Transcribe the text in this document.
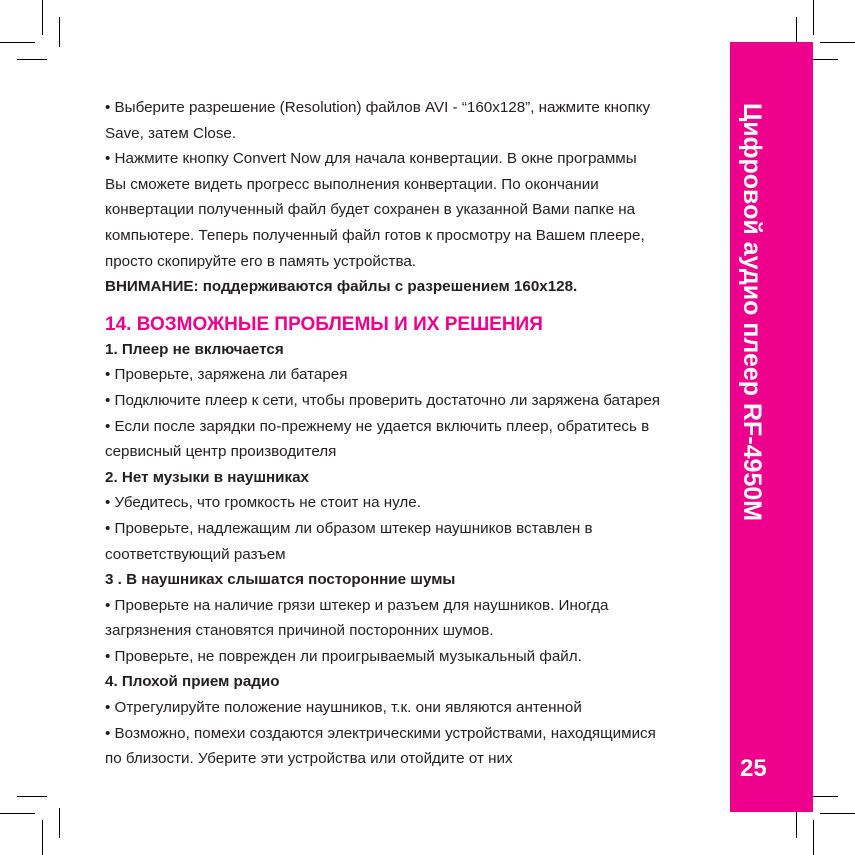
Цифровой аудио плеер RF-4950M
25
• Выберите разрешение (Resolution) файлов AVI - “160x128”, нажмите кнопку
Save, затем Close.
• Нажмите кнопку Convert Now для начала конвертации. В окне программы
Вы сможете видеть прогресс выполнения конвертации. По окончании
конвертации полученный файл будет сохранен в указанной Вами папке на
компьютере. Теперь полученный файл готов к просмотру на Вашем плеере,
просто скопируйте его в память устройства.
ВНИМАНИЕ: поддерживаются файлы с разрешением 160x128.
14. ВОЗМОЖНЫЕ ПРОБЛЕМЫ И ИХ РЕШЕНИЯ
1. Плеер не включается
• Проверьте, заряжена ли батарея
• Подключите плеер к сети, чтобы проверить достаточно ли заряжена батарея
• Если после зарядки по-прежнему не удается включить плеер, обратитесь в
сервисный центр производителя
2. Нет музыки в наушниках
• Убедитесь, что громкость не стоит на нуле.
• Проверьте, надлежащим ли образом штекер наушников вставлен в
соответствующий разъем
3 . В наушниках слышатся посторонние шумы
• Проверьте на наличие грязи штекер и разъем для наушников. Иногда
загрязнения становятся причиной посторонних шумов.
• Проверьте, не поврежден ли проигрываемый музыкальный файл.
4. Плохой прием радио
• Отрегулируйте положение наушников, т.к. они являются антенной
• Возможно, помехи создаются электрическими устройствами, находящимися
по близости. Уберите эти устройства или отойдите от них
